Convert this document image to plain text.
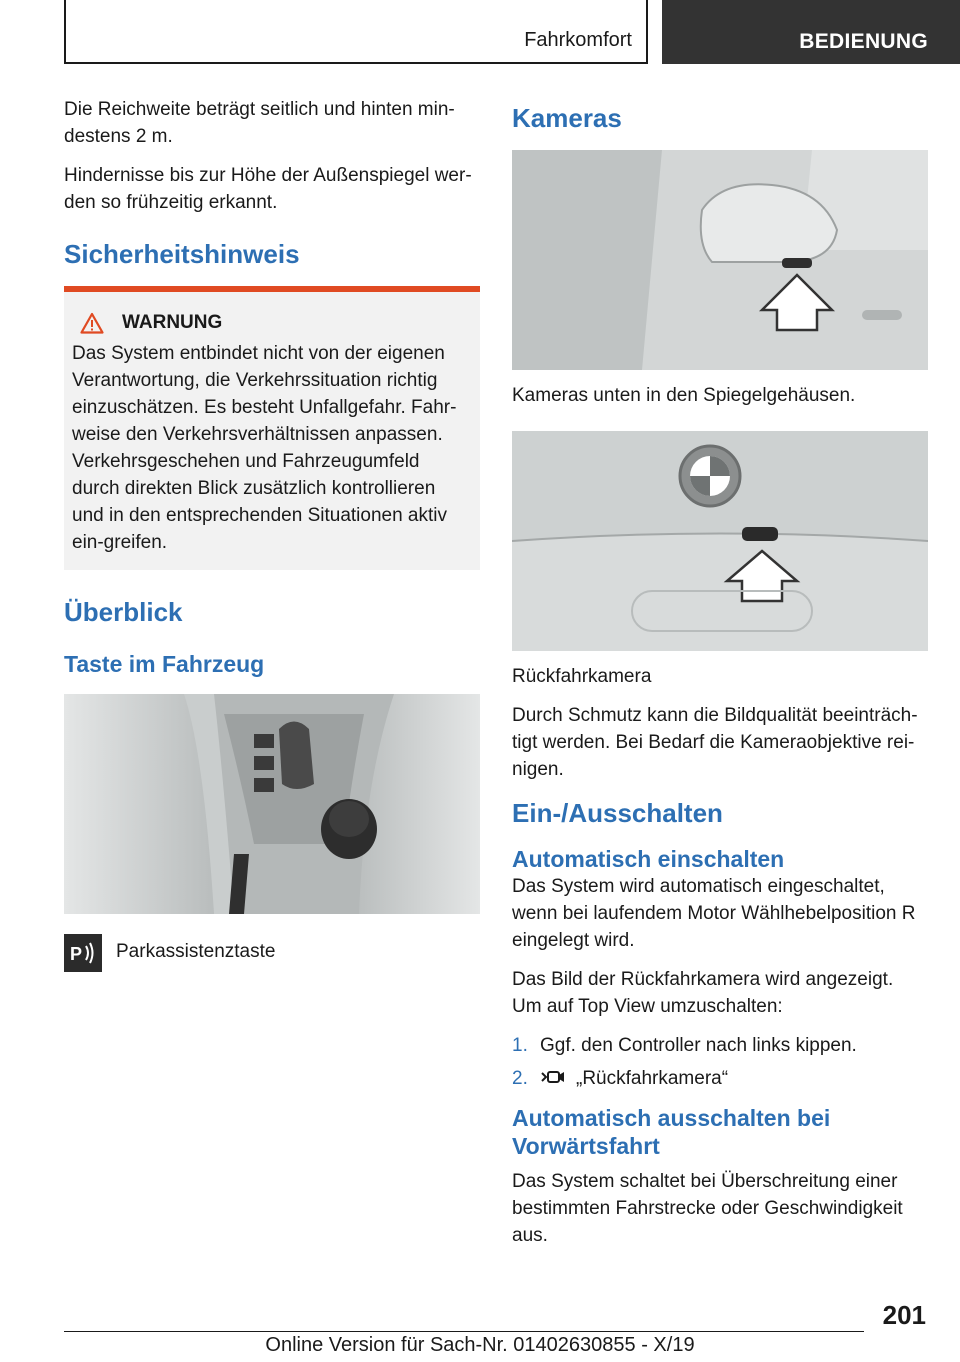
Fahrkomfort	BEDIENUNG

Die Reichweite beträgt seitlich und hinten min‐destens 2 m.

Hindernisse bis zur Höhe der Außenspiegel wer‐den so frühzeitig erkannt.

Sicherheitshinweis
WARNUNG

Das System entbindet nicht von der eigenen Verantwortung, die Verkehrssituation richtig einzuschätzen. Es besteht Unfallgefahr. Fahr‐weise den Verkehrsverhältnissen anpassen. Verkehrsgeschehen und Fahrzeugumfeld durch direkten Blick zusätzlich kontrollieren und in den entsprechenden Situationen aktiv ein‐greifen.

Überblick
Taste im Fahrzeug
P Parkassistenztaste

Kameras

Kameras unten in den Spiegelgehäusen.

Rückfahrkamera

Durch Schmutz kann die Bildqualität beeinträch‐tigt werden. Bei Bedarf die Kameraobjektive rei‐nigen.

Ein-/Ausschalten
Automatisch einschalten

Das System wird automatisch eingeschaltet, wenn bei laufendem Motor Wählhebelposition R eingelegt wird.

Das Bild der Rückfahrkamera wird angezeigt. Um auf Top View umzuschalten:

1. Ggf. den Controller nach links kippen.
2.	„Rückfahrkamera“
Automatisch ausschalten bei Vorwärtsfahrt

Das System schaltet bei Überschreitung einer bestimmten Fahrstrecke oder Geschwindigkeit aus.

201
Online Version für Sach-Nr. 01402630855 - X/19
